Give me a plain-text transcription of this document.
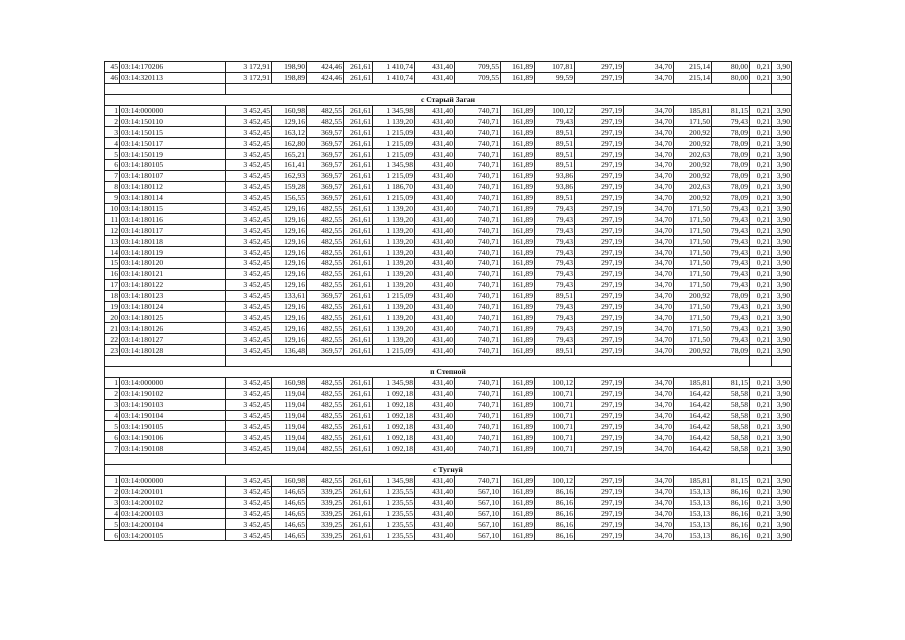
45	03:14:170206	3 172,91	198,90	424,46	261,61	1 410,74	431,40	709,55	161,89	107,81	297,19	34,70	215,14	80,00	0,21	3,90
46	03:14:320113	3 172,91	198,89	424,46	261,61	1 410,74	431,40	709,55	161,89	99,59	297,19	34,70	215,14	80,00	0,21	3,90

с Старый Заган																
1	03:14:000000	3 452,45	160,98	482,55	261,61	1 345,98	431,40	740,71	161,89	100,12	297,19	34,70	185,81	81,15	0,21	3,90
2	03:14:150110	3 452,45	129,16	482,55	261,61	1 139,20	431,40	740,71	161,89	79,43	297,19	34,70	171,50	79,43	0,21	3,90
3	03:14:150115	3 452,45	163,12	369,57	261,61	1 215,09	431,40	740,71	161,89	89,51	297,19	34,70	200,92	78,09	0,21	3,90
4	03:14:150117	3 452,45	162,80	369,57	261,61	1 215,09	431,40	740,71	161,89	89,51	297,19	34,70	200,92	78,09	0,21	3,90
5	03:14:150119	3 452,45	165,21	369,57	261,61	1 215,09	431,40	740,71	161,89	89,51	297,19	34,70	202,63	78,09	0,21	3,90
6	03:14:180105	3 452,45	161,41	369,57	261,61	1 345,98	431,40	740,71	161,89	89,51	297,19	34,70	200,92	78,09	0,21	3,90
7	03:14:180107	3 452,45	162,93	369,57	261,61	1 215,09	431,40	740,71	161,89	93,86	297,19	34,70	200,92	78,09	0,21	3,90
8	03:14:180112	3 452,45	159,28	369,57	261,61	1 186,70	431,40	740,71	161,89	93,86	297,19	34,70	202,63	78,09	0,21	3,90
9	03:14:180114	3 452,45	156,55	369,57	261,61	1 215,09	431,40	740,71	161,89	89,51	297,19	34,70	200,92	78,09	0,21	3,90
10	03:14:180115	3 452,45	129,16	482,55	261,61	1 139,20	431,40	740,71	161,89	79,43	297,19	34,70	171,50	79,43	0,21	3,90
11	03:14:180116	3 452,45	129,16	482,55	261,61	1 139,20	431,40	740,71	161,89	79,43	297,19	34,70	171,50	79,43	0,21	3,90
12	03:14:180117	3 452,45	129,16	482,55	261,61	1 139,20	431,40	740,71	161,89	79,43	297,19	34,70	171,50	79,43	0,21	3,90
13	03:14:180118	3 452,45	129,16	482,55	261,61	1 139,20	431,40	740,71	161,89	79,43	297,19	34,70	171,50	79,43	0,21	3,90
14	03:14:180119	3 452,45	129,16	482,55	261,61	1 139,20	431,40	740,71	161,89	79,43	297,19	34,70	171,50	79,43	0,21	3,90
15	03:14:180120	3 452,45	129,16	482,55	261,61	1 139,20	431,40	740,71	161,89	79,43	297,19	34,70	171,50	79,43	0,21	3,90
16	03:14:180121	3 452,45	129,16	482,55	261,61	1 139,20	431,40	740,71	161,89	79,43	297,19	34,70	171,50	79,43	0,21	3,90
17	03:14:180122	3 452,45	129,16	482,55	261,61	1 139,20	431,40	740,71	161,89	79,43	297,19	34,70	171,50	79,43	0,21	3,90
18	03:14:180123	3 452,45	133,61	369,57	261,61	1 215,09	431,40	740,71	161,89	89,51	297,19	34,70	200,92	78,09	0,21	3,90
19	03:14:180124	3 452,45	129,16	482,55	261,61	1 139,20	431,40	740,71	161,89	79,43	297,19	34,70	171,50	79,43	0,21	3,90
20	03:14:180125	3 452,45	129,16	482,55	261,61	1 139,20	431,40	740,71	161,89	79,43	297,19	34,70	171,50	79,43	0,21	3,90
21	03:14:180126	3 452,45	129,16	482,55	261,61	1 139,20	431,40	740,71	161,89	79,43	297,19	34,70	171,50	79,43	0,21	3,90
22	03:14:180127	3 452,45	129,16	482,55	261,61	1 139,20	431,40	740,71	161,89	79,43	297,19	34,70	171,50	79,43	0,21	3,90
23	03:14:180128	3 452,45	136,48	369,57	261,61	1 215,09	431,40	740,71	161,89	89,51	297,19	34,70	200,92	78,09	0,21	3,90

п Степной																
1	03:14:000000	3 452,45	160,98	482,55	261,61	1 345,98	431,40	740,71	161,89	100,12	297,19	34,70	185,81	81,15	0,21	3,90
2	03:14:190102	3 452,45	119,04	482,55	261,61	1 092,18	431,40	740,71	161,89	100,71	297,19	34,70	164,42	58,58	0,21	3,90
3	03:14:190103	3 452,45	119,04	482,55	261,61	1 092,18	431,40	740,71	161,89	100,71	297,19	34,70	164,42	58,58	0,21	3,90
4	03:14:190104	3 452,45	119,04	482,55	261,61	1 092,18	431,40	740,71	161,89	100,71	297,19	34,70	164,42	58,58	0,21	3,90
5	03:14:190105	3 452,45	119,04	482,55	261,61	1 092,18	431,40	740,71	161,89	100,71	297,19	34,70	164,42	58,58	0,21	3,90
6	03:14:190106	3 452,45	119,04	482,55	261,61	1 092,18	431,40	740,71	161,89	100,71	297,19	34,70	164,42	58,58	0,21	3,90
7	03:14:190108	3 452,45	119,04	482,55	261,61	1 092,18	431,40	740,71	161,89	100,71	297,19	34,70	164,42	58,58	0,21	3,90

с Тугнуй																
1	03:14:000000	3 452,45	160,98	482,55	261,61	1 345,98	431,40	740,71	161,89	100,12	297,19	34,70	185,81	81,15	0,21	3,90
2	03:14:200101	3 452,45	146,65	339,25	261,61	1 235,55	431,40	567,10	161,89	86,16	297,19	34,70	153,13	86,16	0,21	3,90
3	03:14:200102	3 452,45	146,65	339,25	261,61	1 235,55	431,40	567,10	161,89	86,16	297,19	34,70	153,13	86,16	0,21	3,90
4	03:14:200103	3 452,45	146,65	339,25	261,61	1 235,55	431,40	567,10	161,89	86,16	297,19	34,70	153,13	86,16	0,21	3,90
5	03:14:200104	3 452,45	146,65	339,25	261,61	1 235,55	431,40	567,10	161,89	86,16	297,19	34,70	153,13	86,16	0,21	3,90
6	03:14:200105	3 452,45	146,65	339,25	261,61	1 235,55	431,40	567,10	161,89	86,16	297,19	34,70	153,13	86,16	0,21	3,90
